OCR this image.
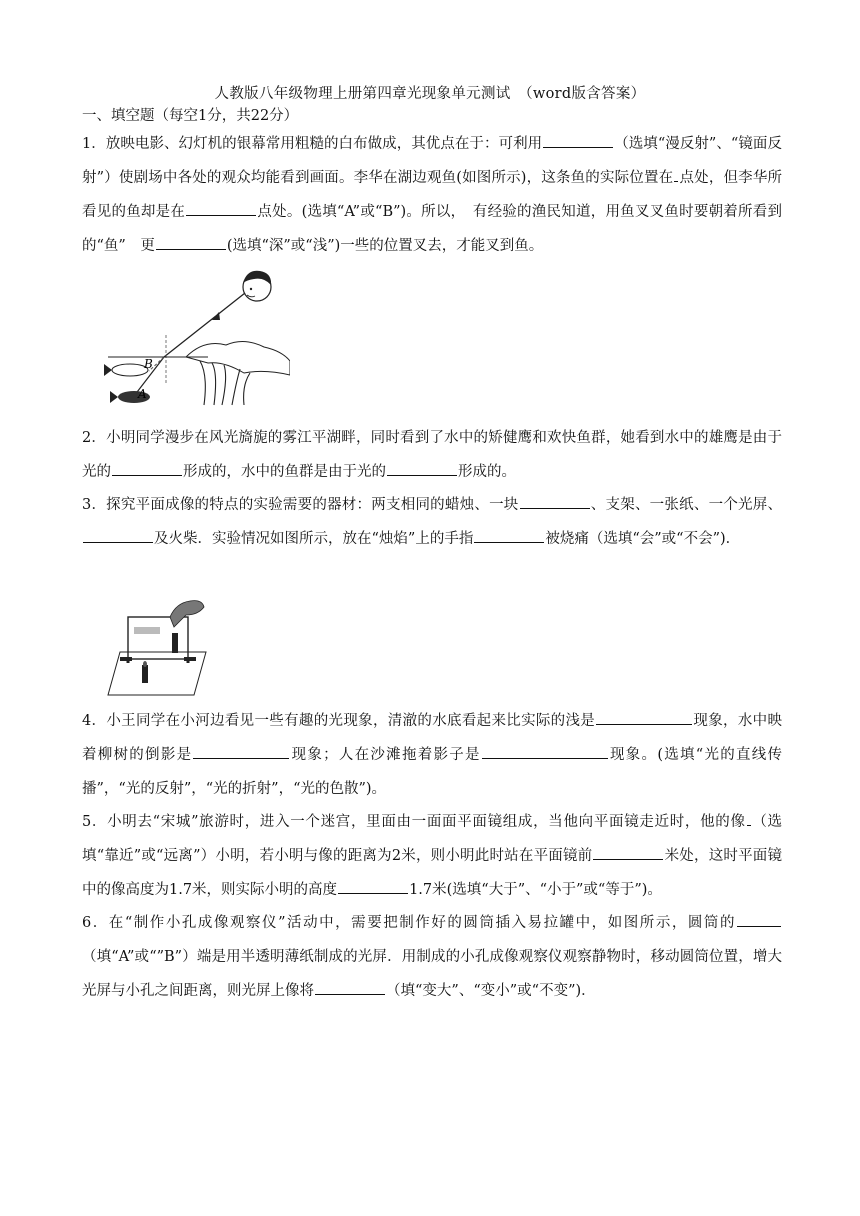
人教版八年级物理上册第四章光现象单元测试　（word版含答案）
一、填空题（每空1分，共22分）

1．放映电影、幻灯机的银幕常用粗糙的白布做成，其优点在于：可利用	（选填“漫反射”、“镜面反射”）使剧场中各处的观众均能看到画面。李华在湖边观鱼(如图所示)，这条鱼的实际位置在 点处，但李华所看见的鱼却是在	点处。(选填“A”或“B”)。所以，　有经验的渔民知道，用鱼叉叉鱼时要朝着所看到的“鱼”　更	(选填“深”或“浅”)一些的位置叉去，才能叉到鱼。

B
A

2．小明同学漫步在风光旖旎的雾江平湖畔，同时看到了水中的矫健鹰和欢快鱼群，她看到水中的雄鹰是由于光的	形成的，水中的鱼群是由于光的	形成的。

3．探究平面成像的特点的实验需要的器材：两支相同的蜡烛、一块	、支架、一张纸、一个光屏、及火柴．实验情况如图所示，放在“烛焰”上的手指	被烧痛（选填“会”或“不会”)．

4．小王同学在小河边看见一些有趣的光现象，清澈的水底看起来比实际的浅是	现象，水中映着柳树的倒影是	现象；人在沙滩拖着影子是	现象。(选填“光的直线传播”，“光的反射”，“光的折射”，“光的色散”)。

5．小明去“宋城”旅游时，进入一个迷宫，里面由一面面平面镜组成，当他向平面镜走近时，他的像 （选填“靠近”或“远离”）小明，若小明与像的距离为2米，则小明此时站在平面镜前	米处，这时平面镜中的像高度为1.7米，则实际小明的高度	1.7米(选填“大于”、“小于”或“等于”)。

6．在“制作小孔成像观察仪”活动中，需要把制作好的圆筒插入易拉罐中，如图所示，圆筒的（填“A”或“”B”）端是用半透明薄纸制成的光屏．用制成的小孔成像观察仪观察静物时，移动圆筒位置，增大光屏与小孔之间距离，则光屏上像将	（填“变大”、“变小”或“不变”)．
